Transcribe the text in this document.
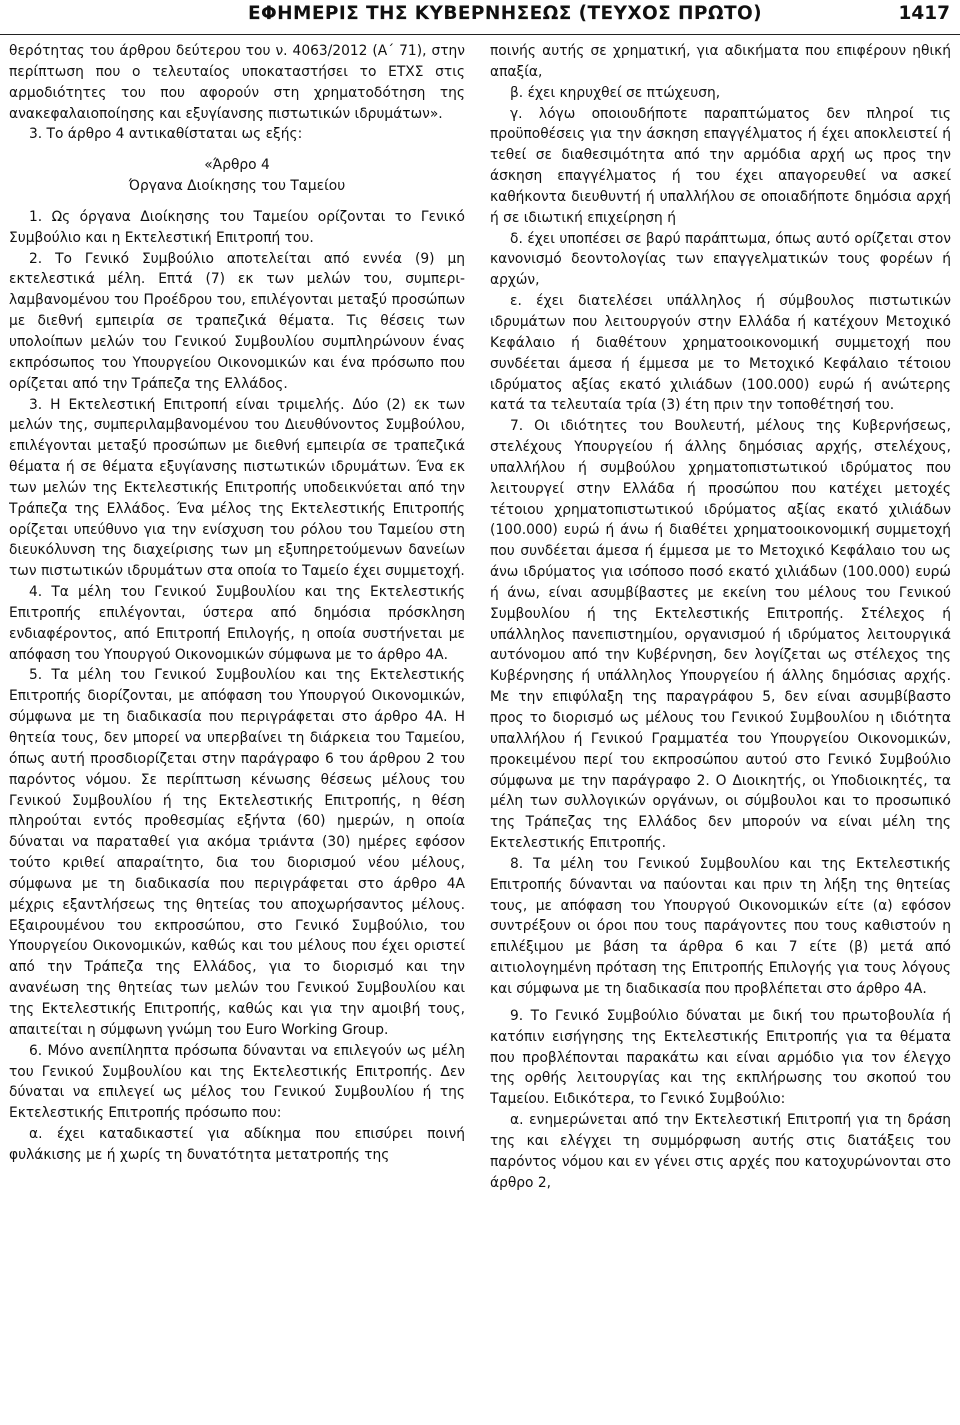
ΕΦΗΜΕΡΙΣ ΤΗΣ ΚΥΒΕΡΝΗΣΕΩΣ (ΤΕΥΧΟΣ ΠΡΩΤΟ)	1417

θερότητας του άρθρου δεύτερου του ν. 4063/2012 (Α΄ 71), στην περίπτωση που ο τελευταίος υποκαταστήσει το ΕΤΧΣ στις αρμοδιότητες του που αφορούν στη χρηματοδότηση της ανακεφαλαιοποίησης και εξυγίανσης πιστωτικών ιδρυμάτων».

3. Το άρθρο 4 αντικαθίσταται ως εξής:

«Άρθρο 4

Όργανα Διοίκησης του Ταμείου

1. Ως όργανα Διοίκησης του Ταμείου ορίζονται το Γενικό Συμβούλιο και η Εκτελεστική Επιτροπή του.

2. Το Γενικό Συμβούλιο αποτελείται από εννέα (9) μη εκτελεστικά μέλη. Επτά (7) εκ των μελών του, συμπεριλαμβανομένου του Προέδρου του, επιλέγονται μεταξύ προσώπων με διεθνή εμπειρία σε τραπεζικά θέματα. Τις θέσεις των υπολοίπων μελών του Γενικού Συμβουλίου συμπληρώνουν ένας εκπρόσωπος του Υπουργείου Οικονομικών και ένα πρόσωπο που ορίζεται από την Τράπεζα της Ελλάδος.

3. Η Εκτελεστική Επιτροπή είναι τριμελής. Δύο (2) εκ των μελών της, συμπεριλαμβανομένου του Διευθύνοντος Συμβούλου, επιλέγονται μεταξύ προσώπων με διεθνή εμπειρία σε τραπεζικά θέματα ή σε θέματα εξυγίανσης πιστωτικών ιδρυμάτων. Ένα εκ των μελών της Εκτελεστικής Επιτροπής υποδεικνύεται από την Τράπεζα της Ελλάδος. Ένα μέλος της Εκτελεστικής Επιτροπής ορίζεται υπεύθυνο για την ενίσχυση του ρόλου του Ταμείου στη διευκόλυνση της διαχείρισης των μη εξυπηρετούμενων δανείων των πιστωτικών ιδρυμάτων στα οποία το Ταμείο έχει συμμετοχή.

4. Τα μέλη του Γενικού Συμβουλίου και της Εκτελεστικής Επιτροπής επιλέγονται, ύστερα από δημόσια πρόσκληση ενδιαφέροντος, από Επιτροπή Επιλογής, η οποία συστήνεται με απόφαση του Υπουργού Οικονομικών σύμφωνα με το άρθρο 4Α.

5. Τα μέλη του Γενικού Συμβουλίου και της Εκτελεστικής Επιτροπής διορίζονται, με απόφαση του Υπουργού Οικονομικών, σύμφωνα με τη διαδικασία που περιγράφεται στο άρθρο 4Α. Η θητεία τους, δεν μπορεί να υπερβαίνει τη διάρκεια του Ταμείου, όπως αυτή προσδιορίζεται στην παράγραφο 6 του άρθρου 2 του παρόντος νόμου. Σε περίπτωση κένωσης θέσεως μέλους του Γενικού Συμβουλίου ή της Εκτελεστικής Επιτροπής, η θέση πληρούται εντός προθεσμίας εξήντα (60) ημερών, η οποία δύναται να παραταθεί για ακόμα τριάντα (30) ημέρες εφόσον τούτο κριθεί απαραίτητο, δια του διορισμού νέου μέλους, σύμφωνα με τη διαδικασία που περιγράφεται στο άρθρο 4Α μέχρις εξαντλήσεως της θητείας του αποχωρήσαντος μέλους. Εξαιρουμένου του εκπροσώπου, στο Γενικό Συμβούλιο, του Υπουργείου Οικονομικών, καθώς και του μέλους που έχει οριστεί από την Τράπεζα της Ελλάδος, για το διορισμό και την ανανέωση της θητείας των μελών του Γενικού Συμβουλίου και της Εκτελεστικής Επιτροπής, καθώς και για την αμοιβή τους, απαιτείται η σύμφωνη γνώμη του Euro Working Group.

6. Μόνο ανεπίληπτα πρόσωπα δύνανται να επιλεγούν ως μέλη του Γενικού Συμβουλίου και της Εκτελεστικής Επιτροπής. Δεν δύναται να επιλεγεί ως μέλος του Γενικού Συμβουλίου ή της Εκτελεστικής Επιτροπής πρόσωπο που:

α. έχει καταδικαστεί για αδίκημα που επισύρει ποινή φυλάκισης με ή χωρίς τη δυνατότητα μετατροπής της

ποινής αυτής σε χρηματική, για αδικήματα που επιφέρουν ηθική απαξία,

β. έχει κηρυχθεί σε πτώχευση,

γ. λόγω οποιουδήποτε παραπτώματος δεν πληροί τις προϋποθέσεις για την άσκηση επαγγέλματος ή έχει αποκλειστεί ή τεθεί σε διαθεσιμότητα από την αρμόδια αρχή ως προς την άσκηση επαγγέλματος ή του έχει απαγορευθεί να ασκεί καθήκοντα διευθυντή ή υπαλλήλου σε οποιαδήποτε δημόσια αρχή ή σε ιδιωτική επιχείρηση ή

δ. έχει υποπέσει σε βαρύ παράπτωμα, όπως αυτό ορίζεται στον κανονισμό δεοντολογίας των επαγγελματικών τους φορέων ή αρχών,

ε. έχει διατελέσει υπάλληλος ή σύμβουλος πιστωτικών ιδρυμάτων που λειτουργούν στην Ελλάδα ή κατέχουν Μετοχικό Κεφάλαιο ή διαθέτουν χρηματοοικονομική συμμετοχή που συνδέεται άμεσα ή έμμεσα με το Μετοχικό Κεφάλαιο τέτοιου ιδρύματος αξίας εκατό χιλιάδων (100.000) ευρώ ή ανώτερης κατά τα τελευταία τρία (3) έτη πριν την τοποθέτησή του.

7. Οι ιδιότητες του Βουλευτή, μέλους της Κυβερνήσεως, στελέχους Υπουργείου ή άλλης δημόσιας αρχής, στελέχους, υπαλλήλου ή συμβούλου χρηματοπιστωτικού ιδρύματος που λειτουργεί στην Ελλάδα ή προσώπου που κατέχει μετοχές τέτοιου χρηματοπιστωτικού ιδρύματος αξίας εκατό χιλιάδων (100.000) ευρώ ή άνω ή διαθέτει χρηματοοικονομική συμμετοχή που συνδέεται άμεσα ή έμμεσα με το Μετοχικό Κεφάλαιο του ως άνω ιδρύματος για ισόποσο ποσό εκατό χιλιάδων (100.000) ευρώ ή άνω, είναι ασυμβίβαστες με εκείνη του μέλους του Γενικού Συμβουλίου ή της Εκτελεστικής Επιτροπής. Στέλεχος ή υπάλληλος πανεπιστημίου, οργανισμού ή ιδρύματος λειτουργικά αυτόνομου από την Κυβέρνηση, δεν λογίζεται ως στέλεχος της Κυβέρνησης ή υπάλληλος Υπουργείου ή άλλης δημόσιας αρχής. Με την επιφύλαξη της παραγράφου 5, δεν είναι ασυμβίβαστο προς το διορισμό ως μέλους του Γενικού Συμβουλίου η ιδιότητα υπαλλήλου ή Γενικού Γραμματέα του Υπουργείου Οικονομικών, προκειμένου περί του εκπροσώπου αυτού στο Γενικό Συμβούλιο σύμφωνα με την παράγραφο 2. Ο Διοικητής, οι Υποδιοικητές, τα μέλη των συλλογικών οργάνων, οι σύμβουλοι και το προσωπικό της Τράπεζας της Ελλάδος δεν μπορούν να είναι μέλη της Εκτελεστικής Επιτροπής.

8. Τα μέλη του Γενικού Συμβουλίου και της Εκτελεστικής Επιτροπής δύνανται να παύονται και πριν τη λήξη της θητείας τους, με απόφαση του Υπουργού Οικονομικών είτε (α) εφόσον συντρέξουν οι όροι που τους παράγοντες που τους καθιστούν η επιλέξιμου με βάση τα άρθρα 6 και 7 είτε (β) μετά από αιτιολογημένη πρόταση της Επιτροπής Επιλογής για τους λόγους και σύμφωνα με τη διαδικασία που προβλέπεται στο άρθρο 4Α.

9. Το Γενικό Συμβούλιο δύναται με δική του πρωτοβουλία ή κατόπιν εισήγησης της Εκτελεστικής Επιτροπής για τα θέματα που προβλέπονται παρακάτω και είναι αρμόδιο για τον έλεγχο της ορθής λειτουργίας και της εκπλήρωσης του σκοπού του Ταμείου. Ειδικότερα, το Γενικό Συμβούλιο:

α. ενημερώνεται από την Εκτελεστική Επιτροπή για τη δράση της και ελέγχει τη συμμόρφωση αυτής στις διατάξεις του παρόντος νόμου και εν γένει στις αρχές που κατοχυρώνονται στο άρθρο 2,
